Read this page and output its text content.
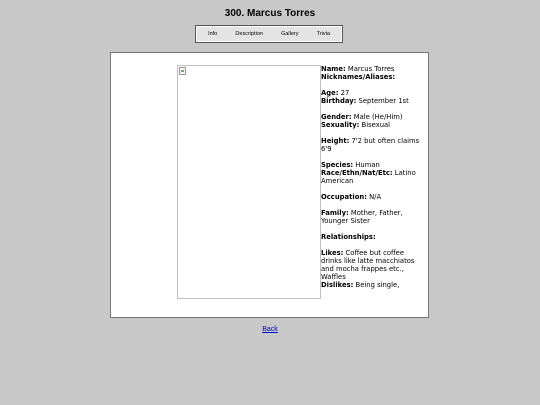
300. Marcus Torres
Info	Description	Gallery	Trivia

Name: Marcus Torres

Nicknames/Aliases:

Age: 27

Birthday: September 1st

Gender: Male (He/Him)

Sexuality: Bisexual

Height: 7'2 but often claims 6'9

Species: Human

Race/Ethn/Nat/Etc: Latino American

Occupation: N/A

Family: Mother, Father, Younger Sister

Relationships:

Likes: Coffee but coffee drinks like latte macchiatos and mocha frappes etc., Waffles

Dislikes: Being single,

Back
